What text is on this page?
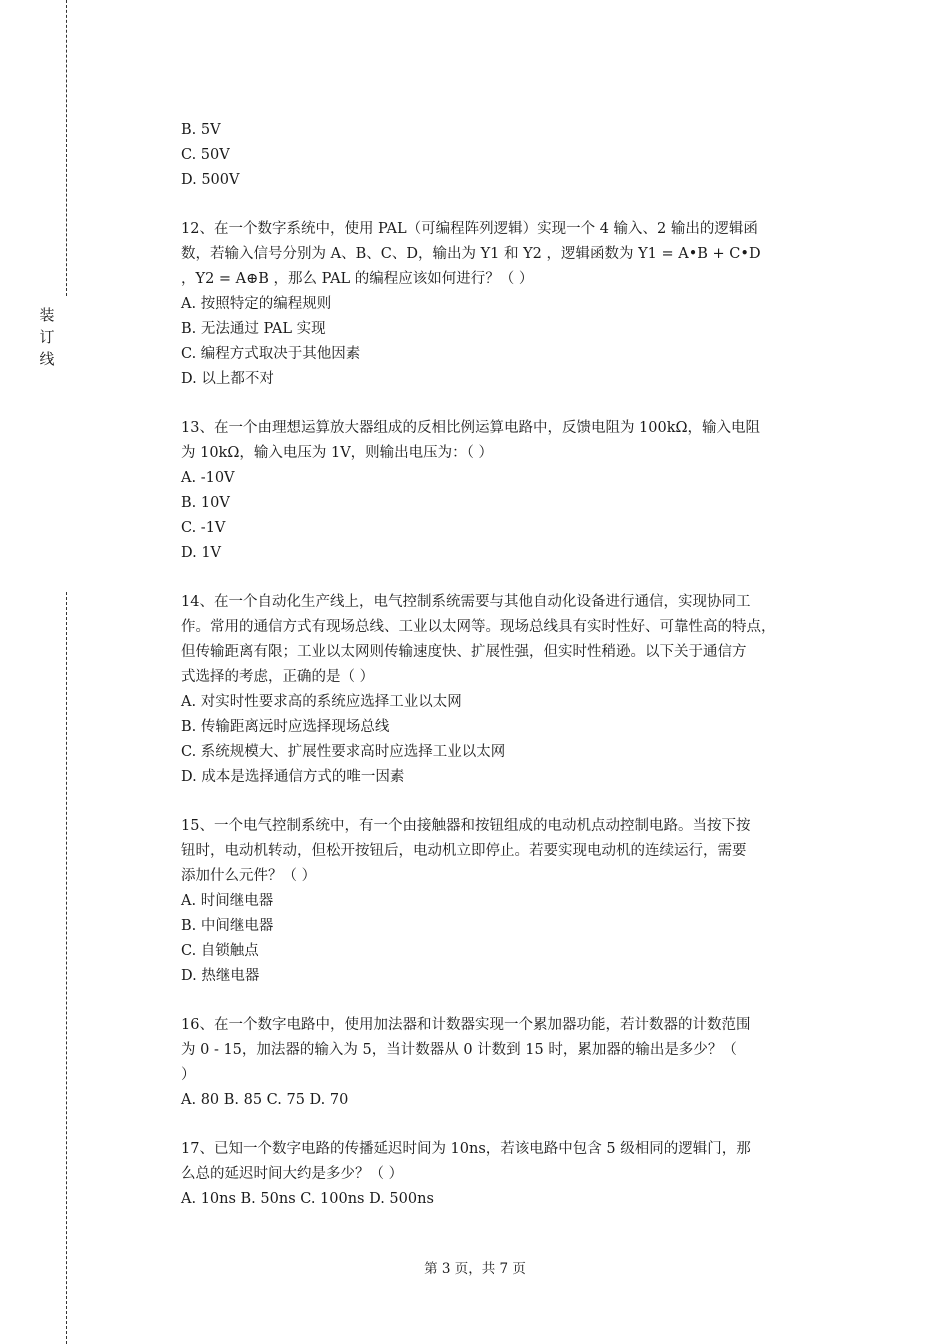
装
订
线
B. 5V
C. 50V
D. 500V
12、在一个数字系统中，使用 PAL（可编程阵列逻辑）实现一个 4 输入、2 输出的逻辑函
数，若输入信号分别为 A、B、C、D，输出为 Y1 和 Y2 ，逻辑函数为 Y1 = A•B + C•D
，Y2 = A⊕B ，那么 PAL 的编程应该如何进行？（ ）
A. 按照特定的编程规则
B. 无法通过 PAL 实现
C. 编程方式取决于其他因素
D. 以上都不对
13、在一个由理想运算放大器组成的反相比例运算电路中，反馈电阻为 100kΩ，输入电阻
为 10kΩ，输入电压为 1V，则输出电压为：（ ）
A. -10V
B. 10V
C. -1V
D. 1V
14、在一个自动化生产线上，电气控制系统需要与其他自动化设备进行通信，实现协同工
作。常用的通信方式有现场总线、工业以太网等。现场总线具有实时性好、可靠性高的特点，
但传输距离有限；工业以太网则传输速度快、扩展性强，但实时性稍逊。以下关于通信方
式选择的考虑，正确的是（ ）
A. 对实时性要求高的系统应选择工业以太网
B. 传输距离远时应选择现场总线
C. 系统规模大、扩展性要求高时应选择工业以太网
D. 成本是选择通信方式的唯一因素
15、一个电气控制系统中，有一个由接触器和按钮组成的电动机点动控制电路。当按下按
钮时，电动机转动，但松开按钮后，电动机立即停止。若要实现电动机的连续运行，需要
添加什么元件？（ ）
A. 时间继电器
B. 中间继电器
C. 自锁触点
D. 热继电器
16、在一个数字电路中，使用加法器和计数器实现一个累加器功能，若计数器的计数范围
为 0 - 15，加法器的输入为 5，当计数器从 0 计数到 15 时，累加器的输出是多少？（
）
A. 80 B. 85 C. 75 D. 70
17、已知一个数字电路的传播延迟时间为 10ns，若该电路中包含 5 级相同的逻辑门，那
么总的延迟时间大约是多少？（ ）
A. 10ns B. 50ns C. 100ns D. 500ns
第 3 页，共 7 页
